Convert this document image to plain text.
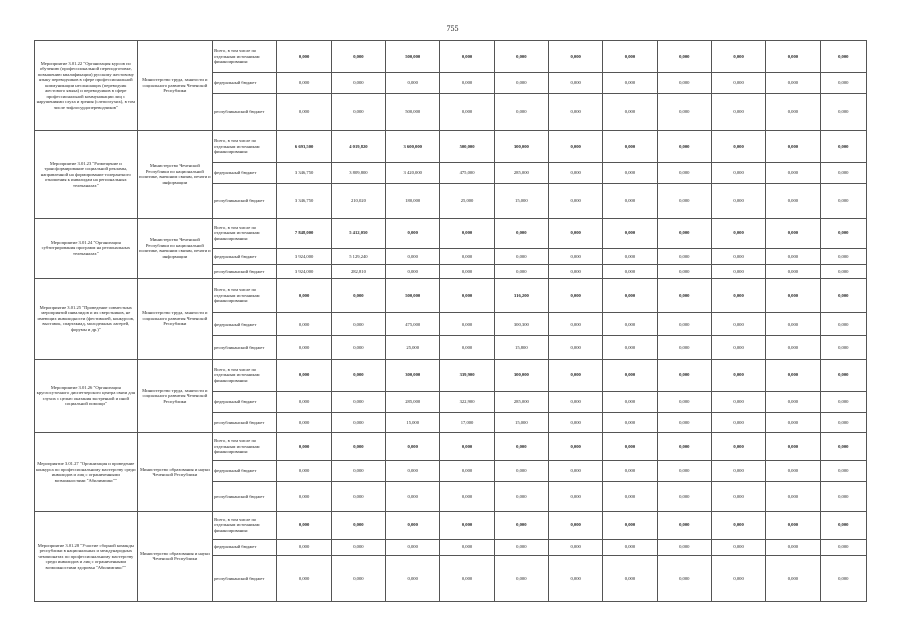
755
Мероприятие 3.01.22 "Организация курсов по обучению (профессиональной переподготовке, повышению квалификации) русскому жестовому языку переводчиков в сфере профессиональной коммуникации неслышащих (переводчик жестового языка) и переводчиков в сфере профессиональной коммуникации лиц с нарушениями слуха и зрения (слепоглухих), в том числе тифлосурдопереводчиков"	Министерство труда, занятости и социального развития Чеченской Республики	Всего, в том числе по отдельным источникам финансирования:	0,000	0,000	500,000	0,000	0,000	0,000	0,000	0,000	0,000	0,000	0,000
		федеральный бюджет	0,000	0,000	0,000	0,000	0,000	0,000	0,000	0,000	0,000	0,000	0,000
		республиканский бюджет	0,000	0,000	500,000	0,000	0,000	0,000	0,000	0,000	0,000	0,000	0,000
Мероприятие 3.01.23 "Размещение и трансформирование социальной рекламы, направленной на формирование толерантного отношения к инвалидам на региональных телеканалах"	Министерство Чеченской Республики по национальной политике, внешним связям, печати и информации	Всего, в том числе по отдельным источникам финансирования:	6 693,500	4 019,820	3 600,000	500,000	300,000	0,000	0,000	0,000	0,000	0,000	0,000
		федеральный бюджет	3 346,750	3 809,800	3 420,000	475,000	285,000	0,000	0,000	0,000	0,000	0,000	0,000
		республиканский бюджет	3 346,750	210,020	180,000	25,000	15,000	0,000	0,000	0,000	0,000	0,000	0,000
Мероприятие 3.01.24 "Организация субтитрирования программ на региональных телеканалах"	Министерство Чеченской Республики по национальной политике, внешним связям, печати и информации	Всего, в том числе по отдельным источникам финансирования:	7 848,000	5 412,050	0,000	0,000	0,000	0,000	0,000	0,000	0,000	0,000	0,000
		федеральный бюджет	3 924,000	5 129,240	0,000	0,000	0,000	0,000	0,000	0,000	0,000	0,000	0,000
		республиканский бюджет	3 924,000	282,810	0,000	0,000	0,000	0,000	0,000	0,000	0,000	0,000	0,000
Мероприятие 3.01.25 "Проведение совместных мероприятий инвалидов и их сверстников, не имеющих инвалидности (фестивалей, конкурсов, выставок, спартакиад, молодежных лагерей, форумы и др.)"	Министерство труда, занятости и социального развития Чеченской Республики	Всего, в том числе по отдельным источникам финансирования:	0,000	0,000	500,000	0,000	316,200	0,000	0,000	0,000	0,000	0,000	0,000
		федеральный бюджет	0,000	0,000	475,000	0,000	300,300	0,000	0,000	0,000	0,000	0,000	0,000
		республиканский бюджет	0,000	0,000	25,000	0,000	15,800	0,000	0,000	0,000	0,000	0,000	0,000
Мероприятие 3.01.26 "Организация круглосуточного диспетчерского центра связи для глухих с целью оказания экстренной и иной социальной помощи"	Министерство труда, занятости и социального развития Чеченской Республики	Всего, в том числе по отдельным источникам финансирования:	0,000	0,000	300,000	339,900	300,000	0,000	0,000	0,000	0,000	0,000	0,000
		федеральный бюджет	0,000	0,000	285,000	322,900	285,000	0,000	0,000	0,000	0,000	0,000	0,000
		республиканский бюджет	0,000	0,000	15,000	17,000	15,000	0,000	0,000	0,000	0,000	0,000	0,000
Мероприятие 3.01.27 "Организация и проведение конкурса по профессиональному мастерству среди инвалидов и лиц с ограниченными возможностями "Абилимпикс""	Министерство образования и науки Чеченской Республики	Всего, в том числе по отдельным источникам финансирования:	0,000	0,000	0,000	0,000	0,000	0,000	0,000	0,000	0,000	0,000	0,000
		федеральный бюджет	0,000	0,000	0,000	0,000	0,000	0,000	0,000	0,000	0,000	0,000	0,000
		республиканский бюджет	0,000	0,000	0,000	0,000	0,000	0,000	0,000	0,000	0,000	0,000	0,000
Мероприятие 3.01.28 "Участие сборной команды республики в национальных и международных чемпионатах по профессиональному мастерству среди инвалидов и лиц с ограниченными возможностями здоровья "Абилимпикс""	Министерство образования и науки Чеченской Республики	Всего, в том числе по отдельным источникам финансирования:	0,000	0,000	0,000	0,000	0,000	0,000	0,000	0,000	0,000	0,000	0,000
		федеральный бюджет	0,000	0,000	0,000	0,000	0,000	0,000	0,000	0,000	0,000	0,000	0,000
		республиканский бюджет	0,000	0,000	0,000	0,000	0,000	0,000	0,000	0,000	0,000	0,000	0,000
